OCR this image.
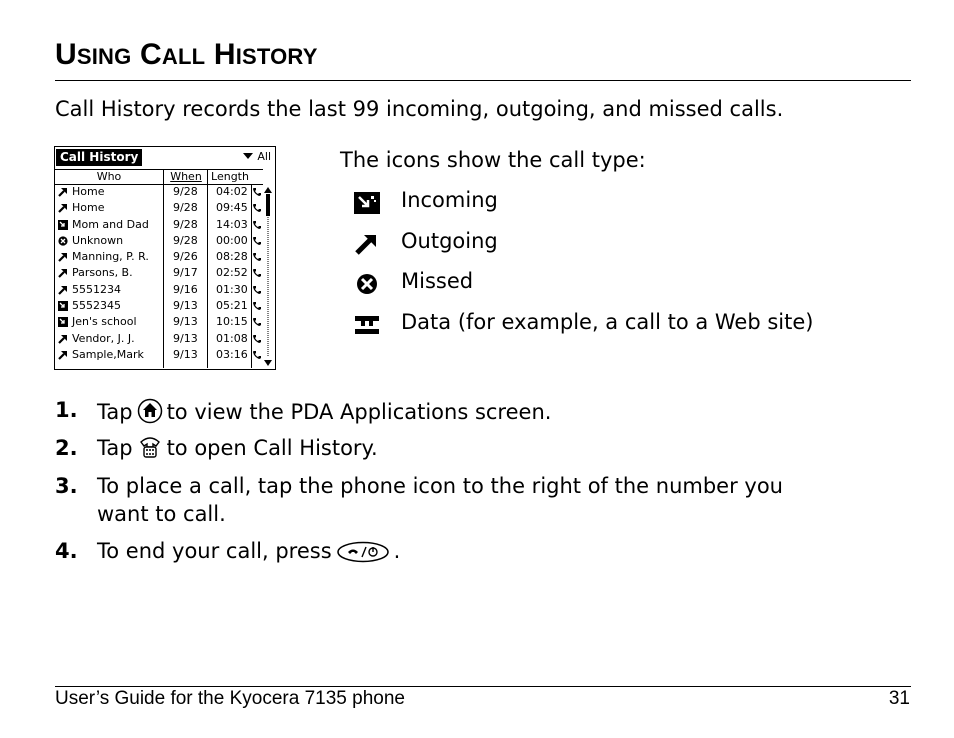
USING CALL HISTORY
Call History records the last 99 incoming, outgoing, and missed calls.
Call History	All
Who	When Length
Home	9/28 04:02
Home	9/28 09:45
Mom and Dad 9/28 14:03
Unknown	9/28 00:00
Manning, P. R. 9/26 08:28
Parsons, B.	9/17 02:52
5551234	9/16 01:30
5552345	9/13 05:21
Jen's school	9/13 10:15
Vendor, J. J.	9/13 01:08
Sample,Mark	9/13 03:16
The icons show the call type:
Incoming
Outgoing
Missed
Data (for example, a call to a Web site)
1. Tap to view the PDA Applications screen.
2. Tap to open Call History.
3. To place a call, tap the phone icon to the right of the number you
want to call.
4. To end your call, press	.
User’s Guide for the Kyocera 7135 phone	31
